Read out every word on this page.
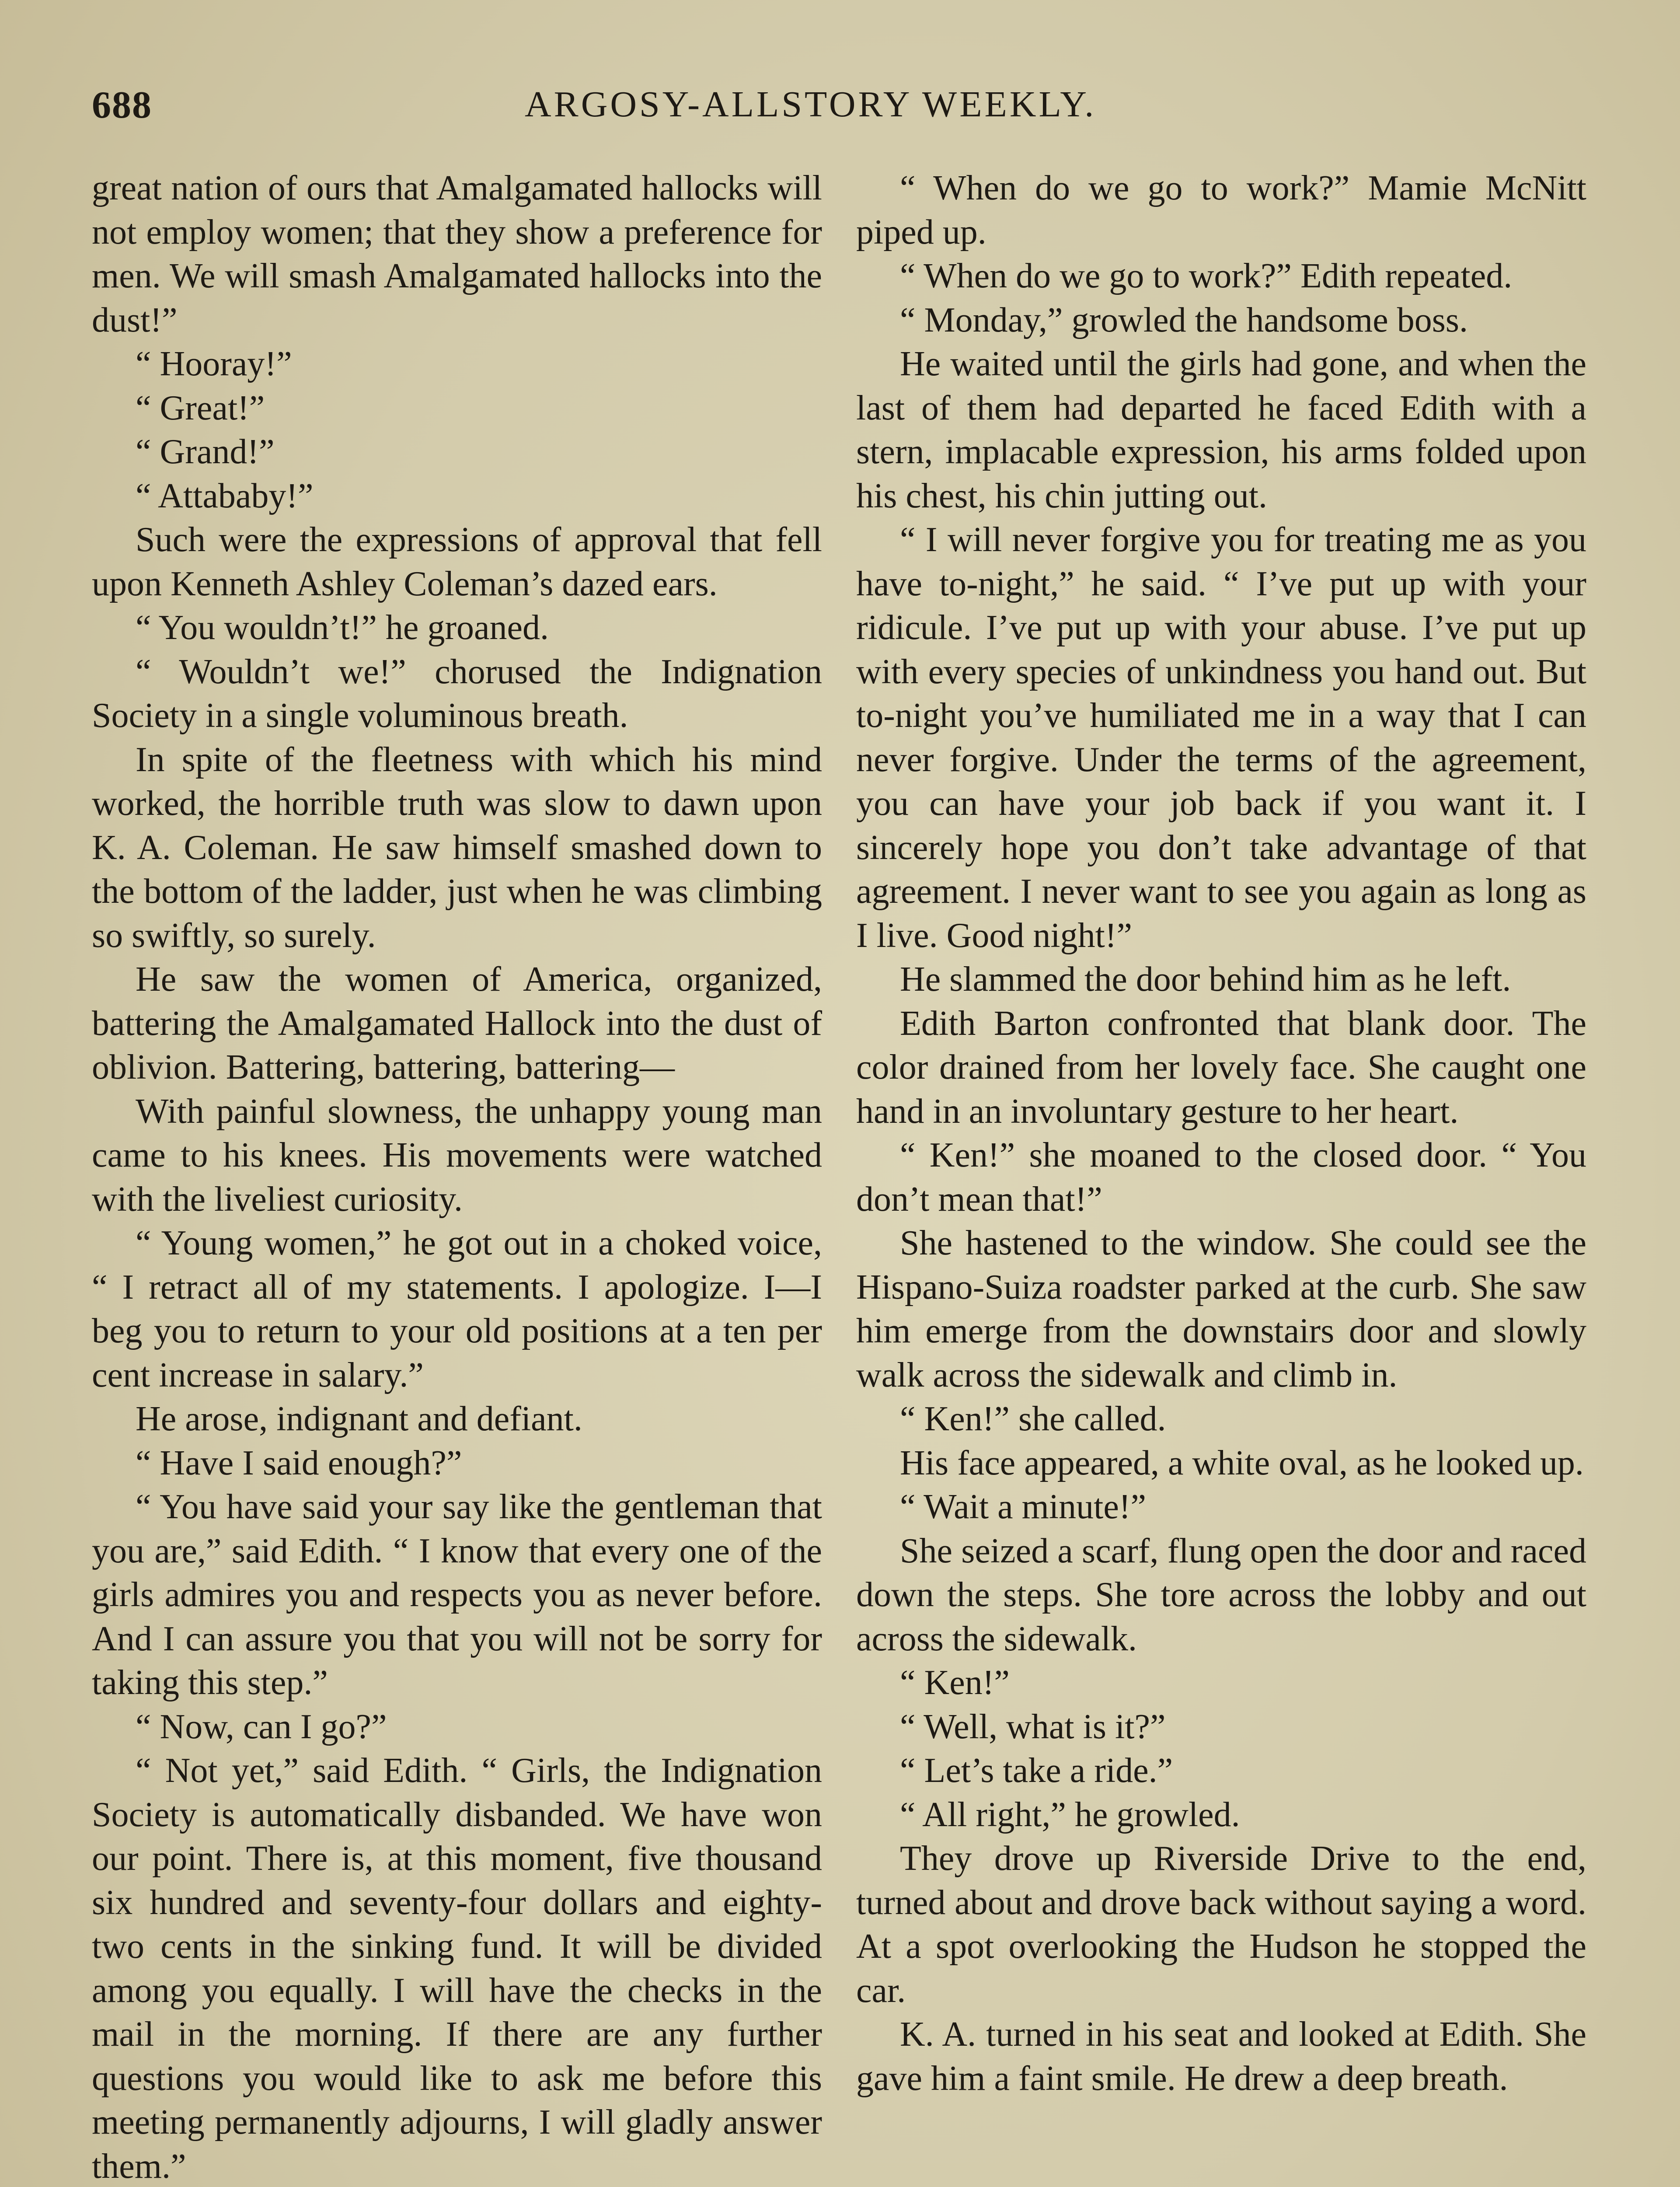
688	ARGOSY-ALLSTORY WEEKLY.

great nation of ours that Amalgamated hallocks will not employ women; that they show a preference for men. We will smash Amalgamated hallocks into the dust!”

“ Hooray!”

“ Great!”

“ Grand!”

“ Attababy!”

Such were the expressions of approval that fell upon Kenneth Ashley Coleman’s dazed ears.

“ You wouldn’t!” he groaned.

“ Wouldn’t we!” chorused the Indignation Society in a single voluminous breath.

In spite of the fleetness with which his mind worked, the horrible truth was slow to dawn upon K. A. Coleman. He saw himself smashed down to the bottom of the ladder, just when he was climbing so swiftly, so surely.

He saw the women of America, organized, battering the Amalgamated Hallock into the dust of oblivion. Battering, battering, battering—

With painful slowness, the unhappy young man came to his knees. His movements were watched with the liveliest curiosity.

“ Young women,” he got out in a choked voice, “ I retract all of my statements. I apologize. I—I beg you to return to your old positions at a ten per cent increase in salary.”

He arose, indignant and defiant.

“ Have I said enough?”

“ You have said your say like the gentleman that you are,” said Edith. “ I know that every one of the girls admires you and respects you as never before. And I can assure you that you will not be sorry for taking this step.”

“ Now, can I go?”

“ Not yet,” said Edith. “ Girls, the Indignation Society is automatically disbanded. We have won our point. There is, at this moment, five thousand six hundred and seventy-four dollars and eighty-two cents in the sinking fund. It will be divided among you equally. I will have the checks in the mail in the morning. If there are any further questions you would like to ask me before this meeting permanently adjourns, I will gladly answer them.”

“ When do we go to work?” Mamie McNitt piped up.

“ When do we go to work?” Edith repeated.

“ Monday,” growled the handsome boss.

He waited until the girls had gone, and when the last of them had departed he faced Edith with a stern, implacable expression, his arms folded upon his chest, his chin jutting out.

“ I will never forgive you for treating me as you have to-night,” he said. “ I’ve put up with your ridicule. I’ve put up with your abuse. I’ve put up with every species of unkindness you hand out. But to-night you’ve humiliated me in a way that I can never forgive. Under the terms of the agreement, you can have your job back if you want it. I sincerely hope you don’t take advantage of that agreement. I never want to see you again as long as I live. Good night!”

He slammed the door behind him as he left.

Edith Barton confronted that blank door. The color drained from her lovely face. She caught one hand in an involuntary gesture to her heart.

“ Ken!” she moaned to the closed door. “ You don’t mean that!”

She hastened to the window. She could see the Hispano-Suiza roadster parked at the curb. She saw him emerge from the downstairs door and slowly walk across the sidewalk and climb in.

“ Ken!” she called.

His face appeared, a white oval, as he looked up.

“ Wait a minute!”

She seized a scarf, flung open the door and raced down the steps. She tore across the lobby and out across the sidewalk.

“ Ken!”

“ Well, what is it?”

“ Let’s take a ride.”

“ All right,” he growled.

They drove up Riverside Drive to the end, turned about and drove back without saying a word. At a spot overlooking the Hudson he stopped the car.

K. A. turned in his seat and looked at Edith. She gave him a faint smile. He drew a deep breath.
